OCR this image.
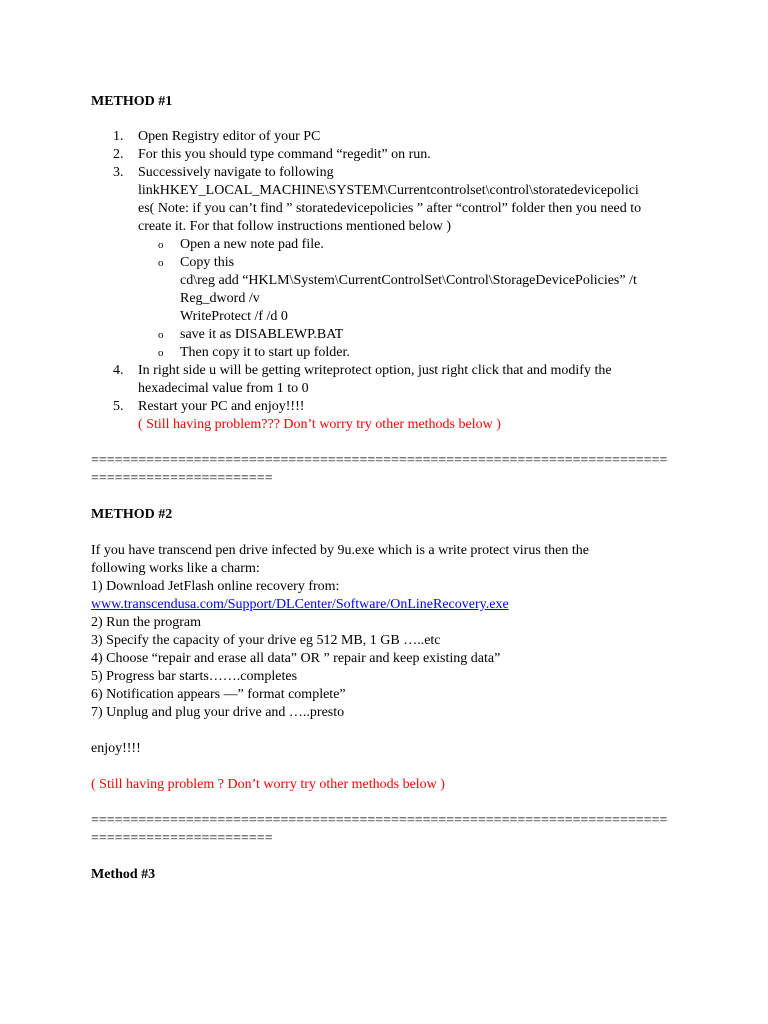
METHOD #1

1. Open Registry editor of your PC
2. For this you should type command “regedit” on run.
3. Successively navigate to following
linkHKEY_LOCAL_MACHINE\SYSTEM\Currentcontrolset\control\storatedevicepolici
es( Note: if you can’t find ” storatedevicepolicies ” after “control” folder then you need to
create it. For that follow instructions mentioned below )
o Open a new note pad file.
o Copy this
cd\reg add “HKLM\System\CurrentControlSet\Control\StorageDevicePolicies” /t
Reg_dword /v
WriteProtect /f /d 0
o save it as DISABLEWP.BAT
o Then copy it to start up folder.
4. In right side u will be getting writeprotect option, just right click that and modify the
hexadecimal value from 1 to 0
5. Restart your PC and enjoy!!!!
( Still having problem??? Don’t worry try other methods below )
=========================================================================
=======================

METHOD #2

If you have transcend pen drive infected by 9u.exe which is a write protect virus then the
following works like a charm:
1) Download JetFlash online recovery from:
www.transcendusa.com/Support/DLCenter/Software/OnLineRecovery.exe
2) Run the program
3) Specify the capacity of your drive eg 512 MB, 1 GB …..etc
4) Choose “repair and erase all data” OR ” repair and keep existing data”
5) Progress bar starts…….completes
6) Notification appears —” format complete”
7) Unplug and plug your drive and …..presto
enjoy!!!!
( Still having problem ? Don’t worry try other methods below )
=========================================================================
=======================

Method #3
